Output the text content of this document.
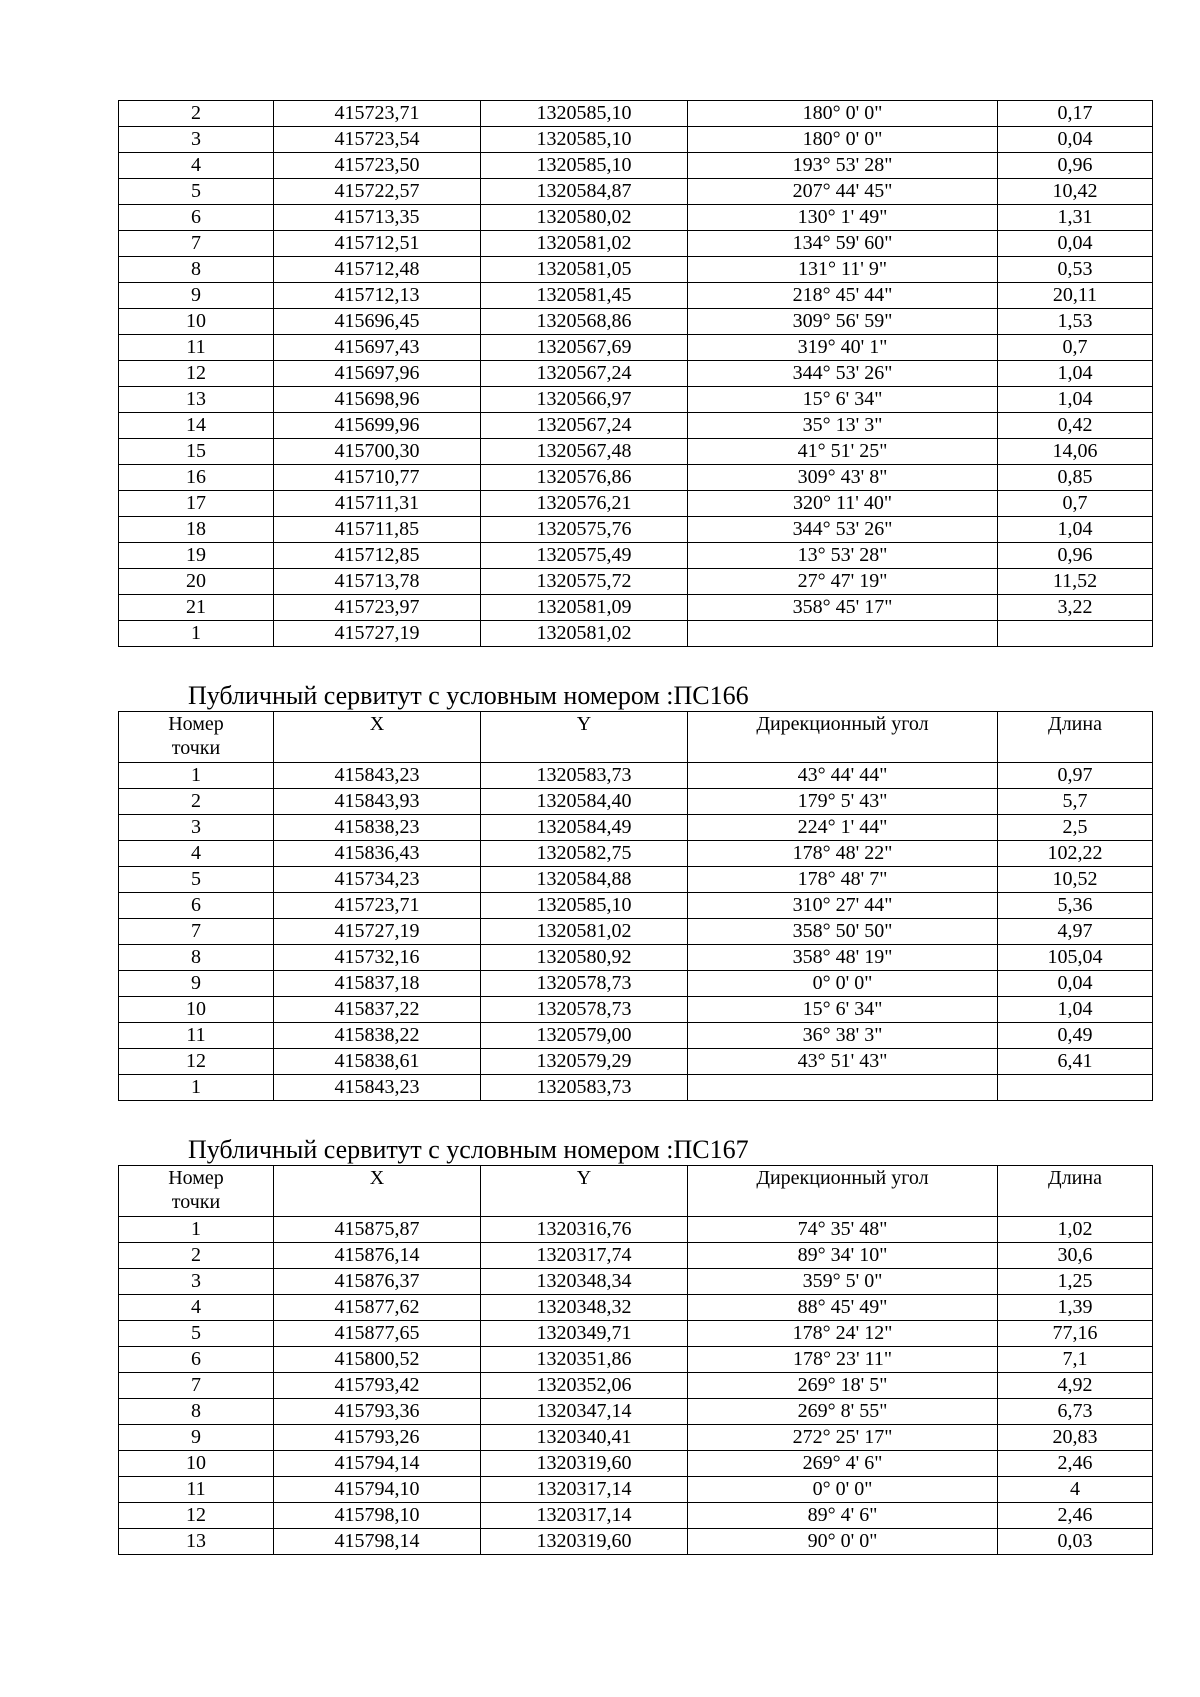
2	415723,71	1320585,10	180° 0' 0"	0,17
3	415723,54	1320585,10	180° 0' 0"	0,04
4	415723,50	1320585,10	193° 53' 28"	0,96
5	415722,57	1320584,87	207° 44' 45"	10,42
6	415713,35	1320580,02	130° 1' 49"	1,31
7	415712,51	1320581,02	134° 59' 60"	0,04
8	415712,48	1320581,05	131° 11' 9"	0,53
9	415712,13	1320581,45	218° 45' 44"	20,11
10	415696,45	1320568,86	309° 56' 59"	1,53
11	415697,43	1320567,69	319° 40' 1"	0,7
12	415697,96	1320567,24	344° 53' 26"	1,04
13	415698,96	1320566,97	15° 6' 34"	1,04
14	415699,96	1320567,24	35° 13' 3"	0,42
15	415700,30	1320567,48	41° 51' 25"	14,06
16	415710,77	1320576,86	309° 43' 8"	0,85
17	415711,31	1320576,21	320° 11' 40"	0,7
18	415711,85	1320575,76	344° 53' 26"	1,04
19	415712,85	1320575,49	13° 53' 28"	0,96
20	415713,78	1320575,72	27° 47' 19"	11,52
21	415723,97	1320581,09	358° 45' 17"	3,22
1	415727,19	1320581,02		
Публичный сервитут с условным номером :ПС166
Номер
точки	X	Y	Дирекционный угол	Длина
1	415843,23	1320583,73	43° 44' 44"	0,97
2	415843,93	1320584,40	179° 5' 43"	5,7
3	415838,23	1320584,49	224° 1' 44"	2,5
4	415836,43	1320582,75	178° 48' 22"	102,22
5	415734,23	1320584,88	178° 48' 7"	10,52
6	415723,71	1320585,10	310° 27' 44"	5,36
7	415727,19	1320581,02	358° 50' 50"	4,97
8	415732,16	1320580,92	358° 48' 19"	105,04
9	415837,18	1320578,73	0° 0' 0"	0,04
10	415837,22	1320578,73	15° 6' 34"	1,04
11	415838,22	1320579,00	36° 38' 3"	0,49
12	415838,61	1320579,29	43° 51' 43"	6,41
1	415843,23	1320583,73		
Публичный сервитут с условным номером :ПС167
Номер
точки	X	Y	Дирекционный угол	Длина
1	415875,87	1320316,76	74° 35' 48"	1,02
2	415876,14	1320317,74	89° 34' 10"	30,6
3	415876,37	1320348,34	359° 5' 0"	1,25
4	415877,62	1320348,32	88° 45' 49"	1,39
5	415877,65	1320349,71	178° 24' 12"	77,16
6	415800,52	1320351,86	178° 23' 11"	7,1
7	415793,42	1320352,06	269° 18' 5"	4,92
8	415793,36	1320347,14	269° 8' 55"	6,73
9	415793,26	1320340,41	272° 25' 17"	20,83
10	415794,14	1320319,60	269° 4' 6"	2,46
11	415794,10	1320317,14	0° 0' 0"	4
12	415798,10	1320317,14	89° 4' 6"	2,46
13	415798,14	1320319,60	90° 0' 0"	0,03
